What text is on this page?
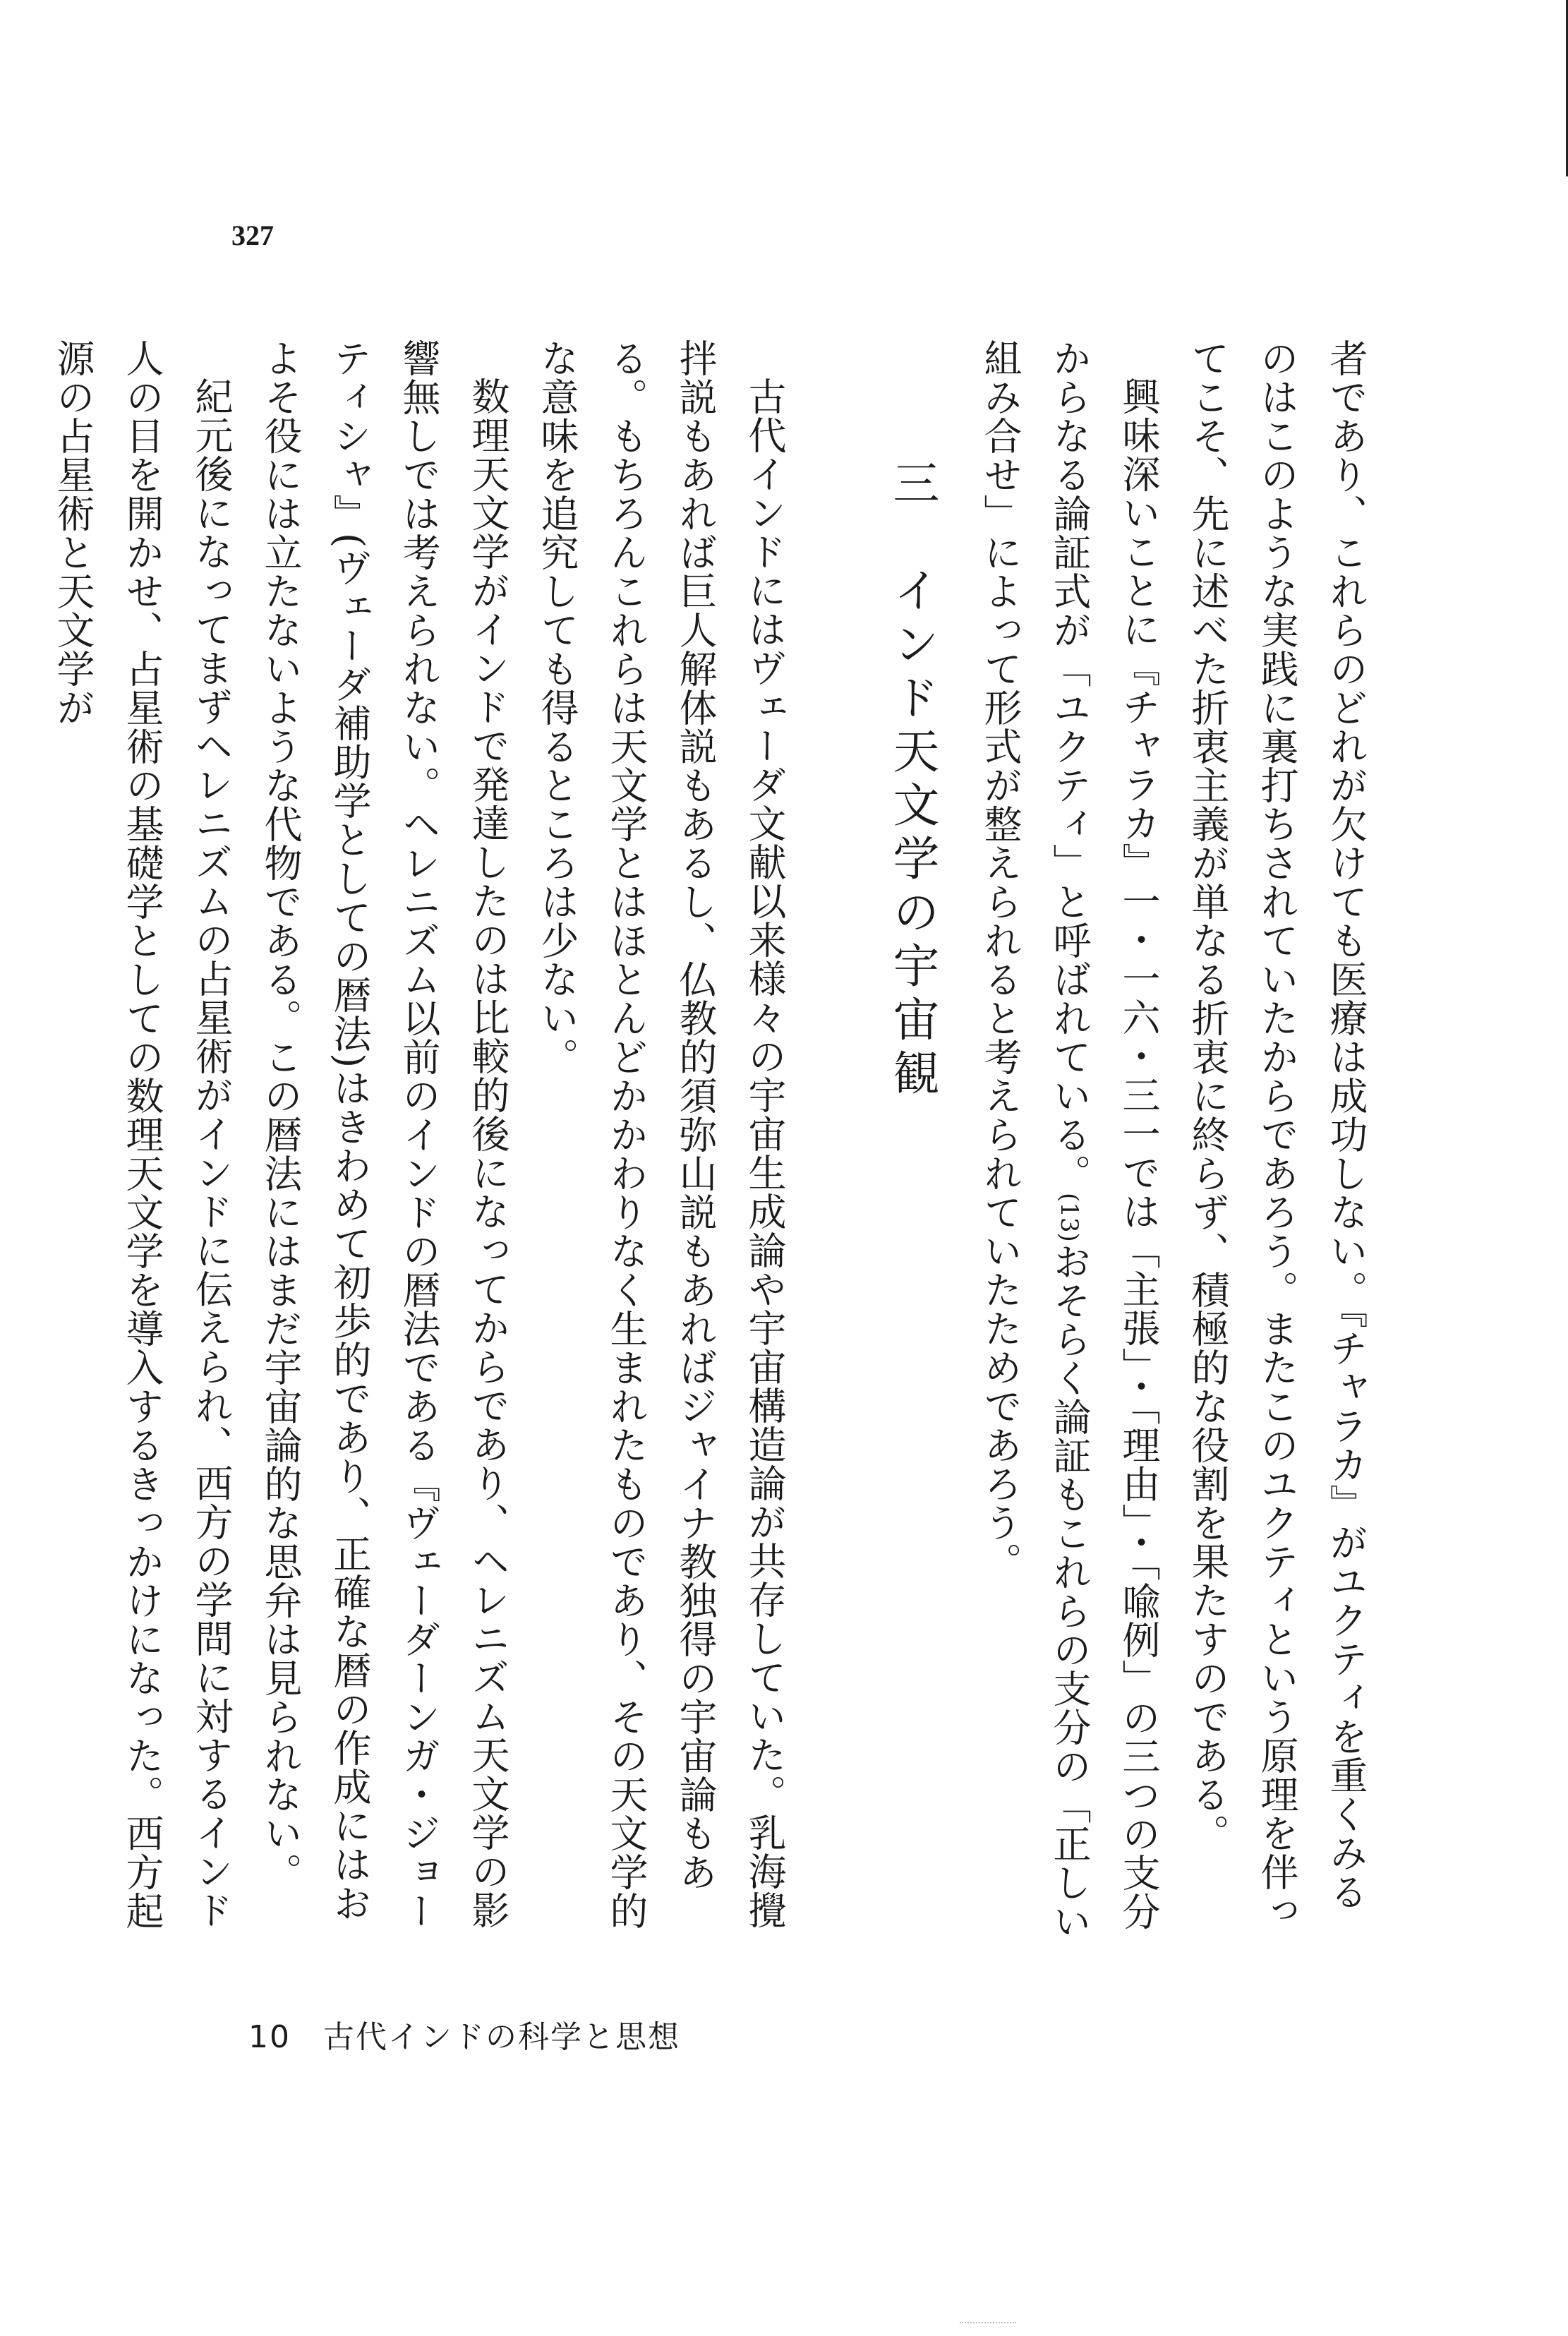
327

者であり、これらのどれが欠けても医療は成功しない。『チャラカ』がユクティを重くみるのはこのような実践に裏打ちされていたからであろう。またこのユクティという原理を伴ってこそ、先に述べた折衷主義が単なる折衷に終らず、積極的な役割を果たすのである。

興味深いことに『チャラカ』一・一六・三一では「主張」・「理由」・「喩例」の三つの支分からなる論証式が「ユクティ」と呼ばれている。(13)おそらく論証もこれらの支分の「正しい組み合せ」によって形式が整えられると考えられていたためであろう。

三　インド天文学の宇宙観

古代インドにはヴェーダ文献以来様々の宇宙生成論や宇宙構造論が共存していた。乳海攪拌説もあれば巨人解体説もあるし、仏教的須弥山説もあればジャイナ教独得の宇宙論もある。もちろんこれらは天文学とはほとんどかかわりなく生まれたものであり、その天文学的な意味を追究しても得るところは少ない。

数理天文学がインドで発達したのは比較的後になってからであり、ヘレニズム天文学の影響無しでは考えられない。ヘレニズム以前のインドの暦法である『ヴェーダーンガ・ジョーティシャ』(ヴェーダ補助学としての暦法)はきわめて初歩的であり、正確な暦の作成にはおよそ役には立たないような代物である。この暦法にはまだ宇宙論的な思弁は見られない。

紀元後になってまずヘレニズムの占星術がインドに伝えられ、西方の学問に対するインド人の目を開かせ、占星術の基礎学としての数理天文学を導入するきっかけになった。西方起源の占星術と天文学が

10 古代インドの科学と思想
